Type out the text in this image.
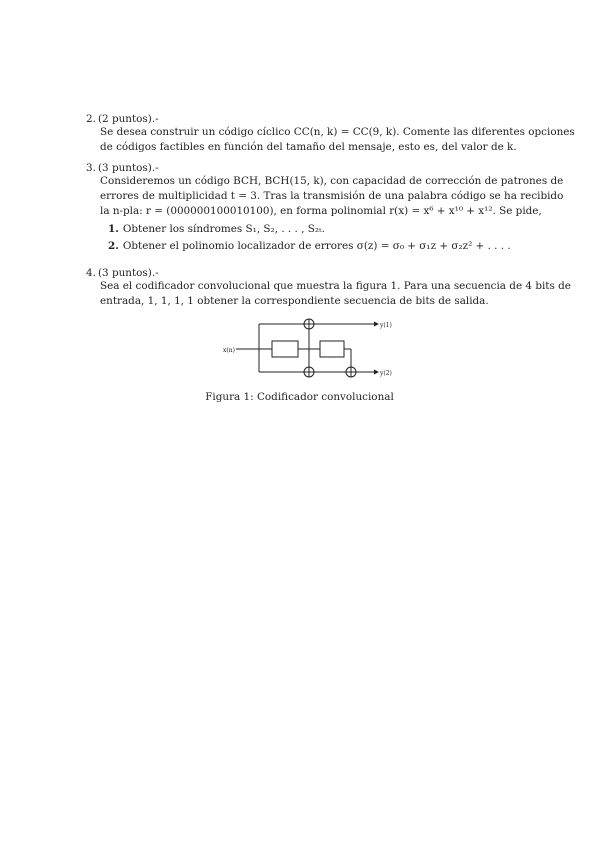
2. (2 puntos).-
Se desea construir un código cíclico CC(n, k) = CC(9, k). Comente las diferentes opciones
de códigos factibles en función del tamaño del mensaje, esto es, del valor de k.
3. (3 puntos).-
Consideremos un código BCH, BCH(15, k), con capacidad de corrección de patrones de
errores de multiplicidad t = 3. Tras la transmisión de una palabra código se ha recibido
la n-pla: r = (000000100010100), en forma polinomial r(x) = x⁶ + x¹⁰ + x¹². Se pide,
1. Obtener los síndromes S₁, S₂, . . . , S₂ₜ.
2. Obtener el polinomio localizador de errores σ(z) = σ₀ + σ₁z + σ₂z² + . . . .
4. (3 puntos).-
Sea el codificador convolucional que muestra la figura 1. Para una secuencia de 4 bits de
entrada, 1, 1, 1, 1 obtener la correspondiente secuencia de bits de salida.
x(n)
y(1)
y(2)
Figura 1: Codificador convolucional
